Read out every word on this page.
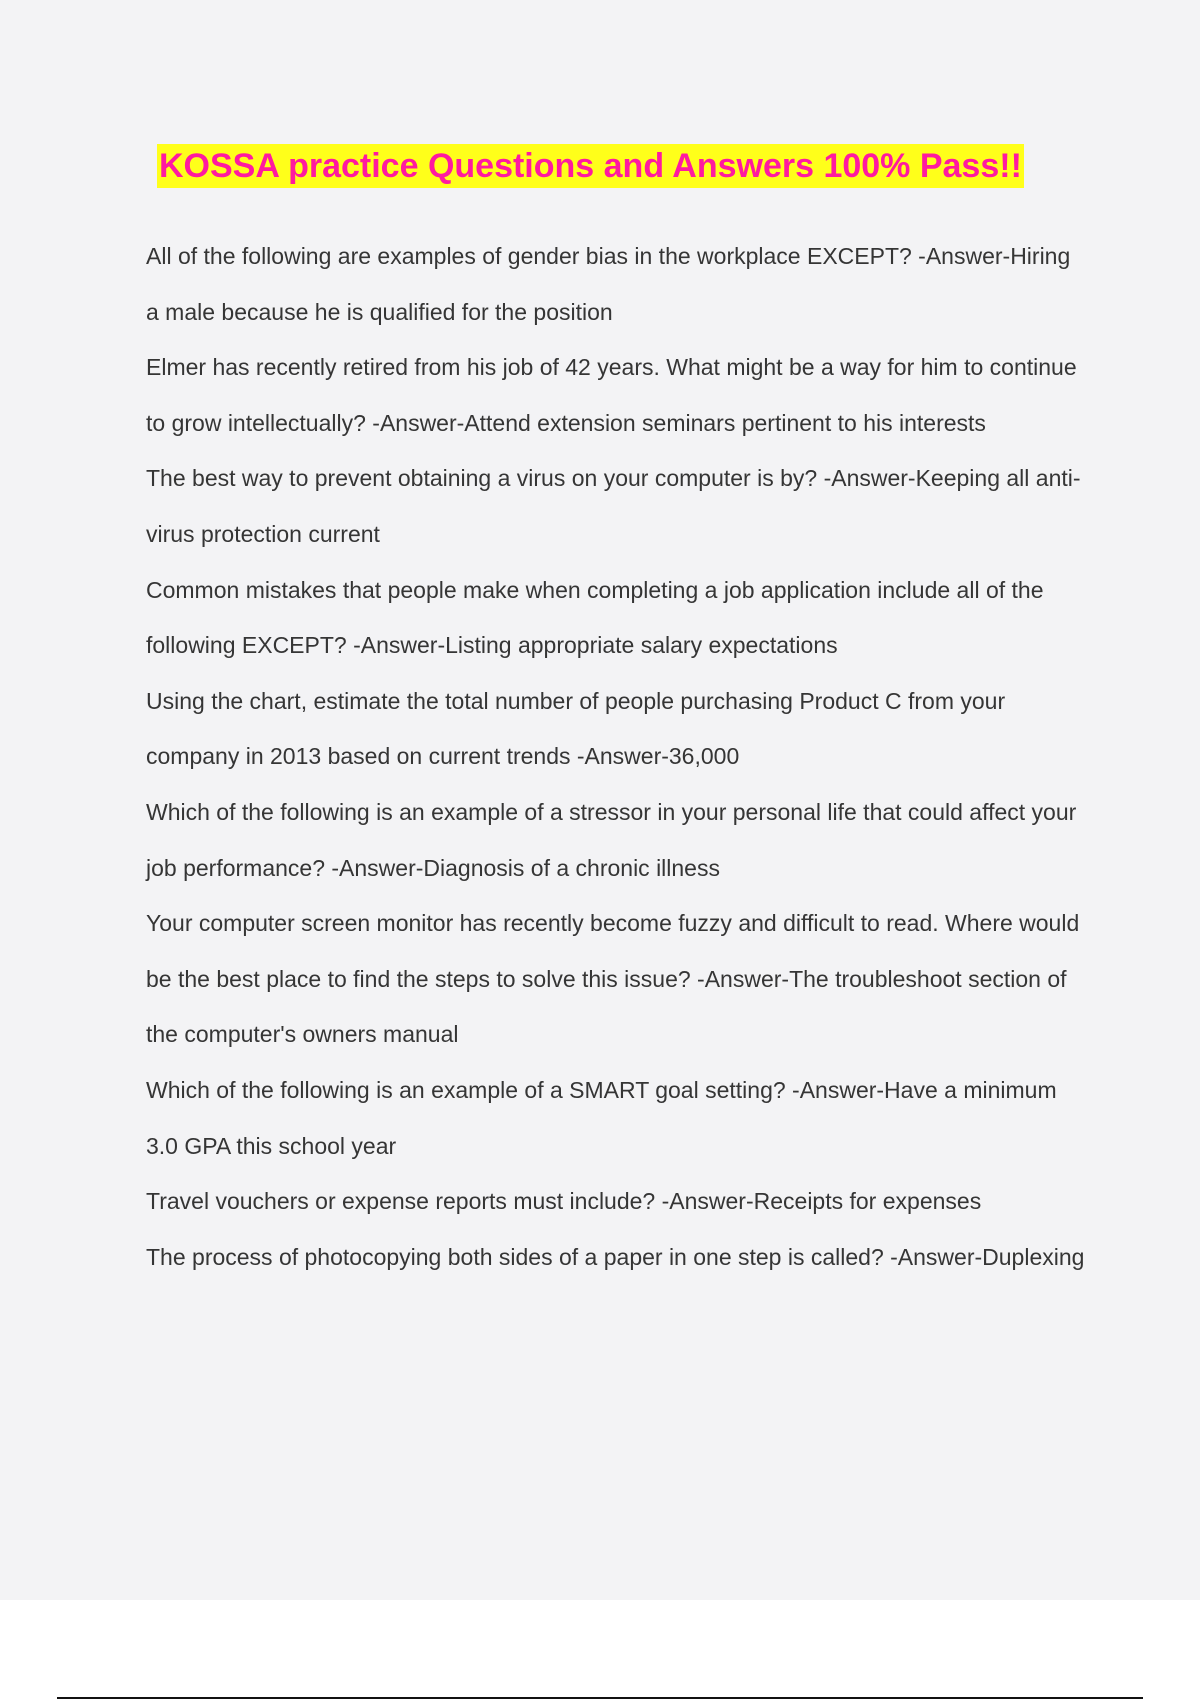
KOSSA practice Questions and Answers 100% Pass!!
All of the following are examples of gender bias in the workplace EXCEPT? -Answer-Hiring a male because he is qualified for the position
Elmer has recently retired from his job of 42 years. What might be a way for him to continue to grow intellectually? -Answer-Attend extension seminars pertinent to his interests
The best way to prevent obtaining a virus on your computer is by? -Answer-Keeping all anti-virus protection current
Common mistakes that people make when completing a job application include all of the following EXCEPT? -Answer-Listing appropriate salary expectations
Using the chart, estimate the total number of people purchasing Product C from your company in 2013 based on current trends -Answer-36,000
Which of the following is an example of a stressor in your personal life that could affect your job performance? -Answer-Diagnosis of a chronic illness
Your computer screen monitor has recently become fuzzy and difficult to read. Where would be the best place to find the steps to solve this issue? -Answer-The troubleshoot section of the computer's owners manual
Which of the following is an example of a SMART goal setting? -Answer-Have a minimum 3.0 GPA this school year
Travel vouchers or expense reports must include? -Answer-Receipts for expenses
The process of photocopying both sides of a paper in one step is called? -Answer-Duplexing
